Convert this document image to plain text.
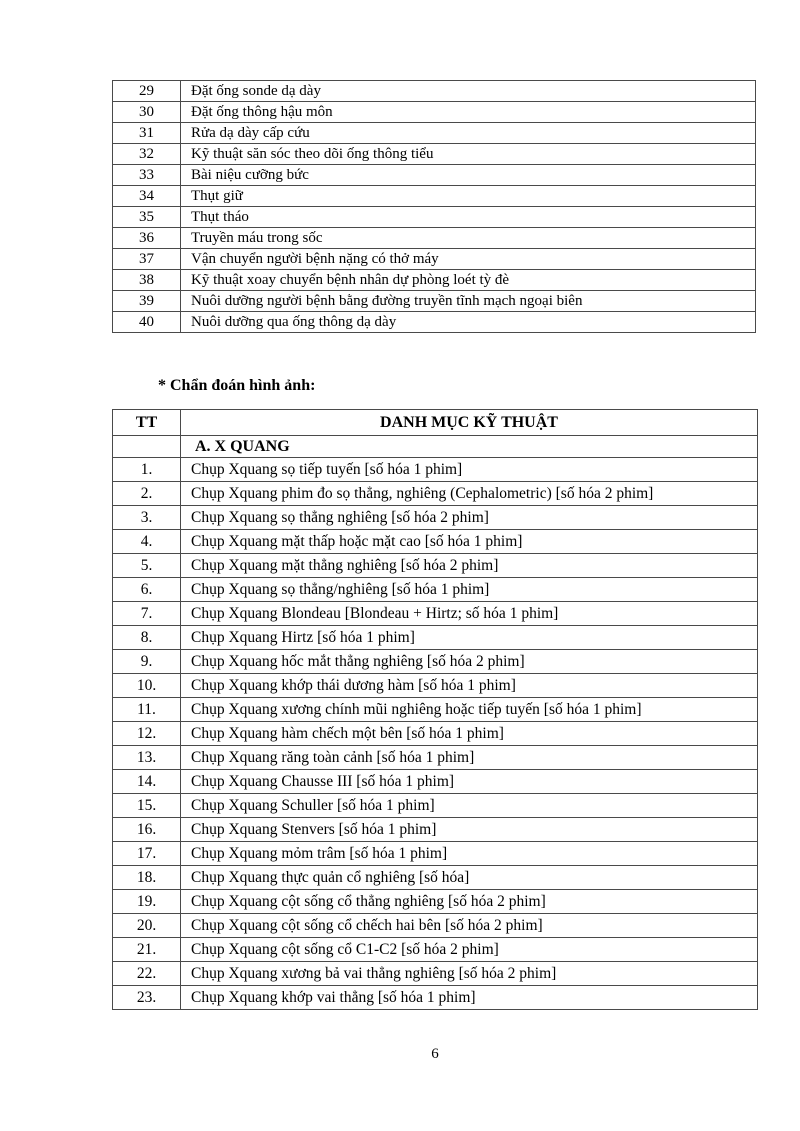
29	Đặt ống sonde dạ dày
30	Đặt ống thông hậu môn
31	Rửa dạ dày cấp cứu
32	Kỹ thuật săn sóc theo dõi ống thông tiểu
33	Bài niệu cưỡng bức
34	Thụt giữ
35	Thụt tháo
36	Truyền máu trong sốc
37	Vận chuyển người bệnh nặng có thở máy
38	Kỹ thuật xoay chuyển bệnh nhân dự phòng loét tỳ đè
39	Nuôi dưỡng người bệnh bằng đường truyền tĩnh mạch ngoại biên
40	Nuôi dưỡng qua ống thông dạ dày
* Chẩn đoán hình ảnh:
TT	DANH MỤC KỸ THUẬT
	A. X QUANG
1.	Chụp Xquang sọ tiếp tuyến [số hóa 1 phim]
2.	Chụp Xquang phim đo sọ thẳng, nghiêng (Cephalometric) [số hóa 2 phim]
3.	Chụp Xquang sọ thẳng nghiêng [số hóa 2 phim]
4.	Chụp Xquang mặt thấp hoặc mặt cao [số hóa 1 phim]
5.	Chụp Xquang mặt thẳng nghiêng [số hóa 2 phim]
6.	Chụp Xquang sọ thẳng/nghiêng [số hóa 1 phim]
7.	Chụp Xquang Blondeau [Blondeau + Hirtz; số hóa 1 phim]
8.	Chụp Xquang Hirtz [số hóa 1 phim]
9.	Chụp Xquang hốc mắt thẳng nghiêng [số hóa 2 phim]
10.	Chụp Xquang khớp thái dương hàm [số hóa 1 phim]
11.	Chụp Xquang xương chính mũi nghiêng hoặc tiếp tuyến [số hóa 1 phim]
12.	Chụp Xquang hàm chếch một bên [số hóa 1 phim]
13.	Chụp Xquang răng toàn cảnh [số hóa 1 phim]
14.	Chụp Xquang Chausse III [số hóa 1 phim]
15.	Chụp Xquang Schuller [số hóa 1 phim]
16.	Chụp Xquang Stenvers [số hóa 1 phim]
17.	Chụp Xquang mỏm trâm [số hóa 1 phim]
18.	Chụp Xquang thực quản cổ nghiêng [số hóa]
19.	Chụp Xquang cột sống cổ thẳng nghiêng [số hóa 2 phim]
20.	Chụp Xquang cột sống cổ chếch hai bên [số hóa 2 phim]
21.	Chụp Xquang cột sống cổ C1-C2 [số hóa 2 phim]
22.	Chụp Xquang xương bả vai thẳng nghiêng [số hóa 2 phim]
23.	Chụp Xquang khớp vai thẳng [số hóa 1 phim]
6
